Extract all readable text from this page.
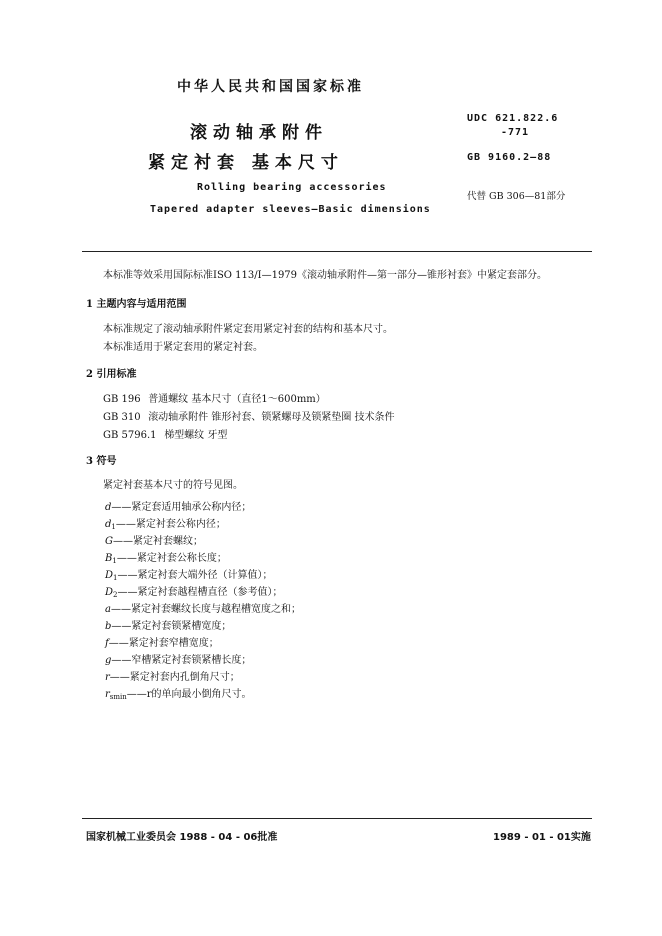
中华人民共和国国家标准
滚动轴承附件
紧定衬套 基本尺寸
Rolling bearing accessories
Tapered adapter sleeves—Basic dimensions
UDC 621.822.6
-771
GB 9160.2—88
代替 GB 306—81部分
本标准等效采用国际标准ISO 113/Ⅰ—1979《滚动轴承附件—第一部分—锥形衬套》中紧定套部分。
1 主题内容与适用范围
本标准规定了滚动轴承附件紧定套用紧定衬套的结构和基本尺寸。
本标准适用于紧定套用的紧定衬套。
2 引用标准
GB 196 普通螺纹 基本尺寸（直径1～600mm）
GB 310 滚动轴承附件 锥形衬套、锁紧螺母及锁紧垫圈 技术条件
GB 5796.1 梯型螺纹 牙型
3 符号
紧定衬套基本尺寸的符号见图。
d——紧定套适用轴承公称内径；
$d_1——$紧定衬套公称内径；
G——紧定衬套螺纹；
$B_1——$紧定衬套公称长度；
$D_1——$紧定衬套大端外径（计算值）；
$D_2——$紧定衬套越程槽直径（参考值）；
a——紧定衬套螺纹长度与越程槽宽度之和；
b——紧定衬套锁紧槽宽度；
f——紧定衬套窄槽宽度；
g——窄槽紧定衬套锁紧槽长度；
r——紧定衬套内孔倒角尺寸；
$r_{smin}——r$的单向最小倒角尺寸。
国家机械工业委员会 1988 - 04 - 06批准	1989 - 01 - 01实施
